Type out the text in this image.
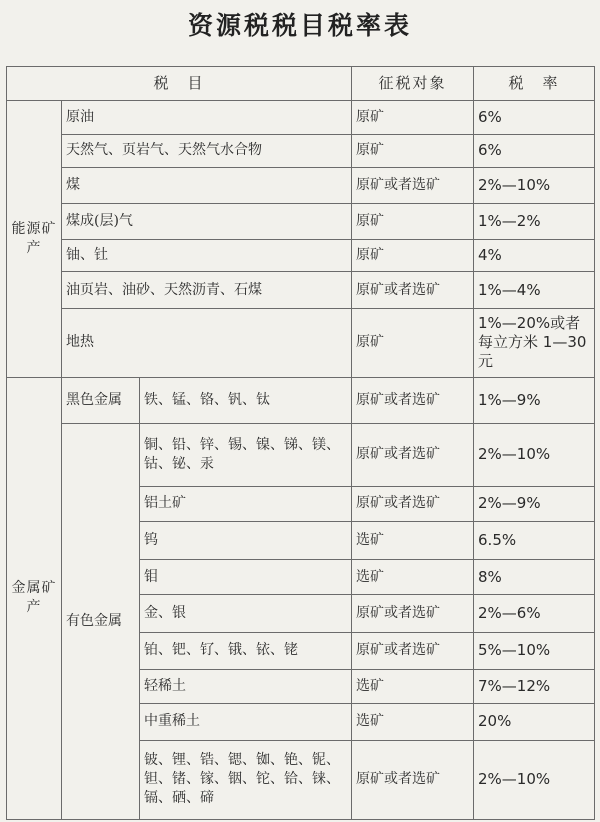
资源税税目税率表
税　目			征税对象	税　率
能源矿产	原油		原矿	6%
	天然气、页岩气、天然气水合物		原矿	6%
	煤		原矿或者选矿	2%—10%
	煤成(层)气		原矿	1%—2%
	铀、钍		原矿	4%
	油页岩、油砂、天然沥青、石煤		原矿或者选矿	1%—4%
	地热		原矿	1%—20%或者每立方米 1—30元
金属矿产	黑色金属	铁、锰、铬、钒、钛	原矿或者选矿	1%—9%
	有色金属	铜、铅、锌、锡、镍、锑、镁、钴、铋、汞	原矿或者选矿	2%—10%
		铝土矿	原矿或者选矿	2%—9%
		钨	选矿	6.5%
		钼	选矿	8%
		金、银	原矿或者选矿	2%—6%
		铂、钯、钌、锇、铱、铑	原矿或者选矿	5%—10%
		轻稀土	选矿	7%—12%
		中重稀土	选矿	20%
		铍、锂、锆、锶、铷、铯、铌、钽、锗、镓、铟、铊、铪、铼、镉、硒、碲	原矿或者选矿	2%—10%
